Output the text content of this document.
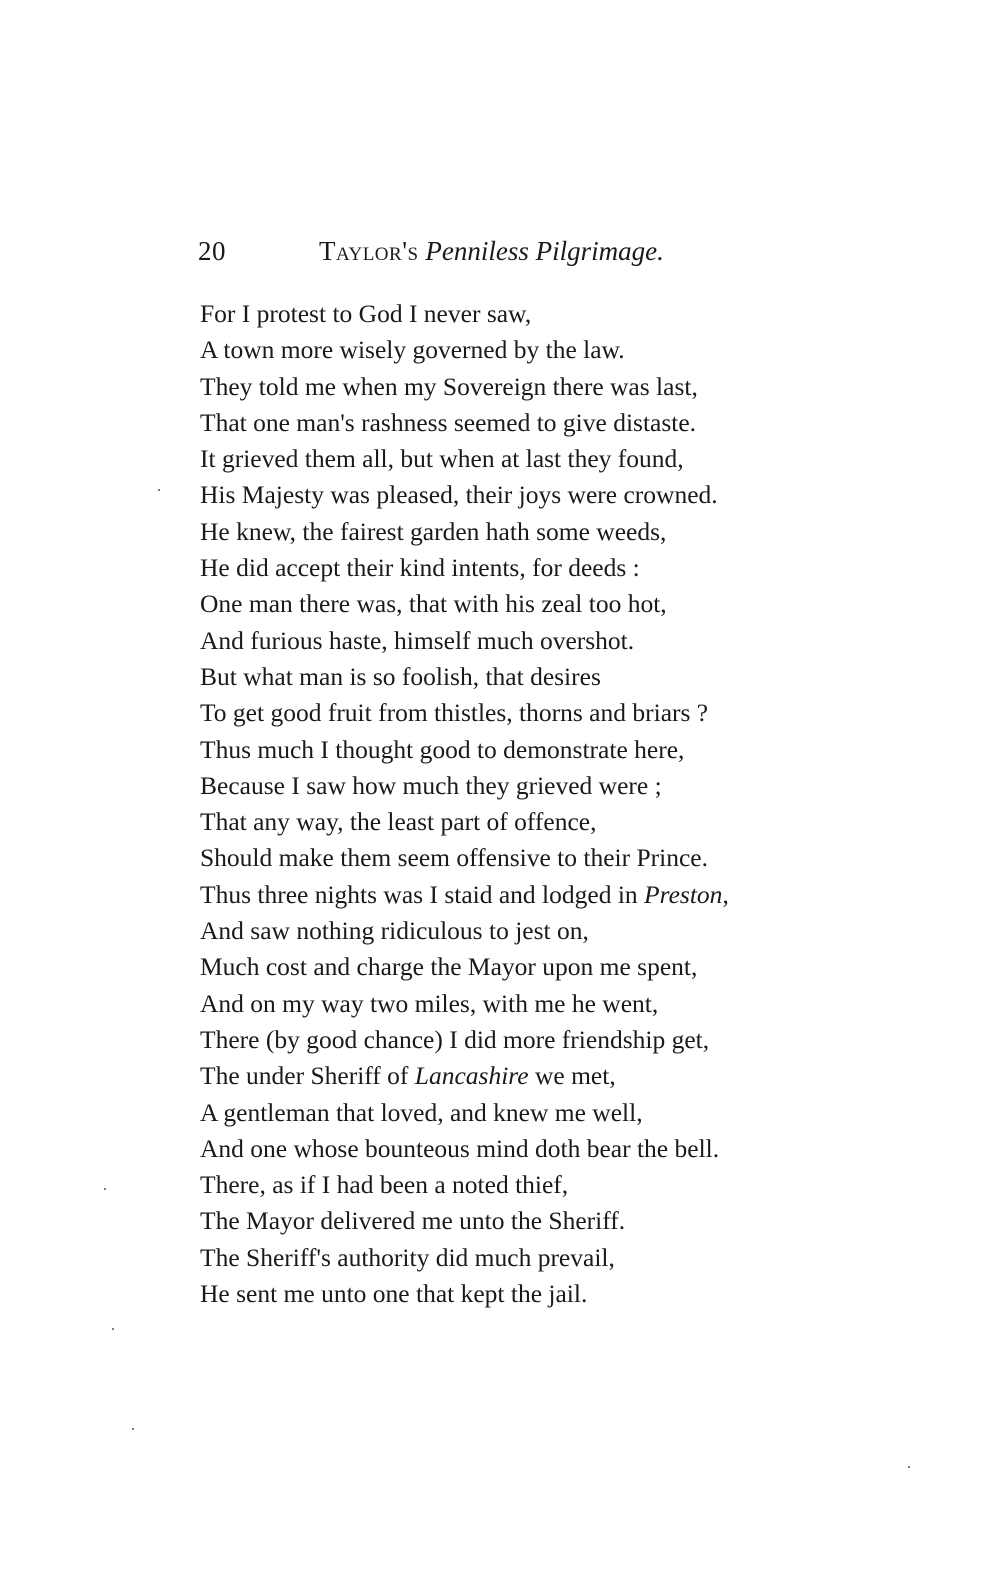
20	Taylor's Penniless Pilgrimage.
For I protest to God I never saw,
A town more wisely governed by the law.
They told me when my Sovereign there was last,
That one man's rashness seemed to give distaste.
It grieved them all, but when at last they found,
His Majesty was pleased, their joys were crowned.
He knew, the fairest garden hath some weeds,
He did accept their kind intents, for deeds :
One man there was, that with his zeal too hot,
And furious haste, himself much overshot.
But what man is so foolish, that desires
To get good fruit from thistles, thorns and briars ?
Thus much I thought good to demonstrate here,
Because I saw how much they grieved were ;
That any way, the least part of offence,
Should make them seem offensive to their Prince.
Thus three nights was I staid and lodged in Preston,
And saw nothing ridiculous to jest on,
Much cost and charge the Mayor upon me spent,
And on my way two miles, with me he went,
There (by good chance) I did more friendship get,
The under Sheriff of Lancashire we met,
A gentleman that loved, and knew me well,
And one whose bounteous mind doth bear the bell.
There, as if I had been a noted thief,
The Mayor delivered me unto the Sheriff.
The Sheriff's authority did much prevail,
He sent me unto one that kept the jail.
